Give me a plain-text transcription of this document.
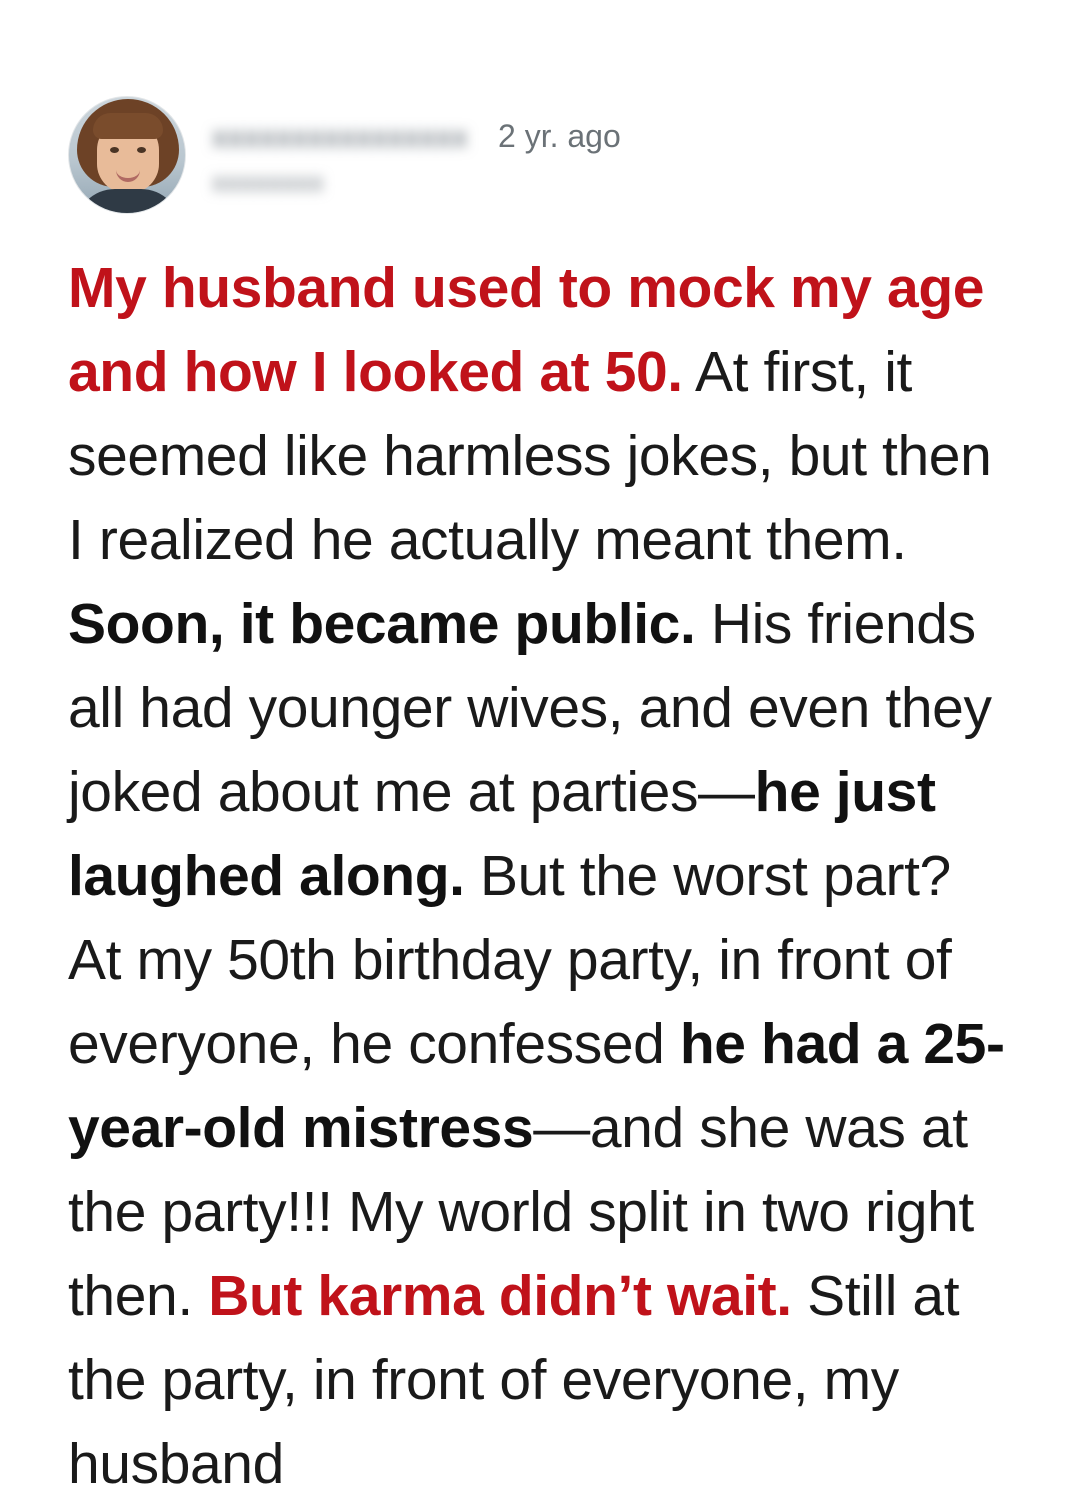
xxxxxxxxxxxxxxxx 2 yr. ago
xxxxxxxx
My husband used to mock my age and how I looked at 50. At first, it seemed like harmless jokes, but then I realized he actually meant them. Soon, it became public. His friends all had younger wives, and even they joked about me at parties—he just laughed along. But the worst part? At my 50th birthday party, in front of everyone, he confessed he had a 25-year-old mistress—and she was at the party!!! My world split in two right then. But karma didn’t wait. Still at the party, in front of everyone, my husband
